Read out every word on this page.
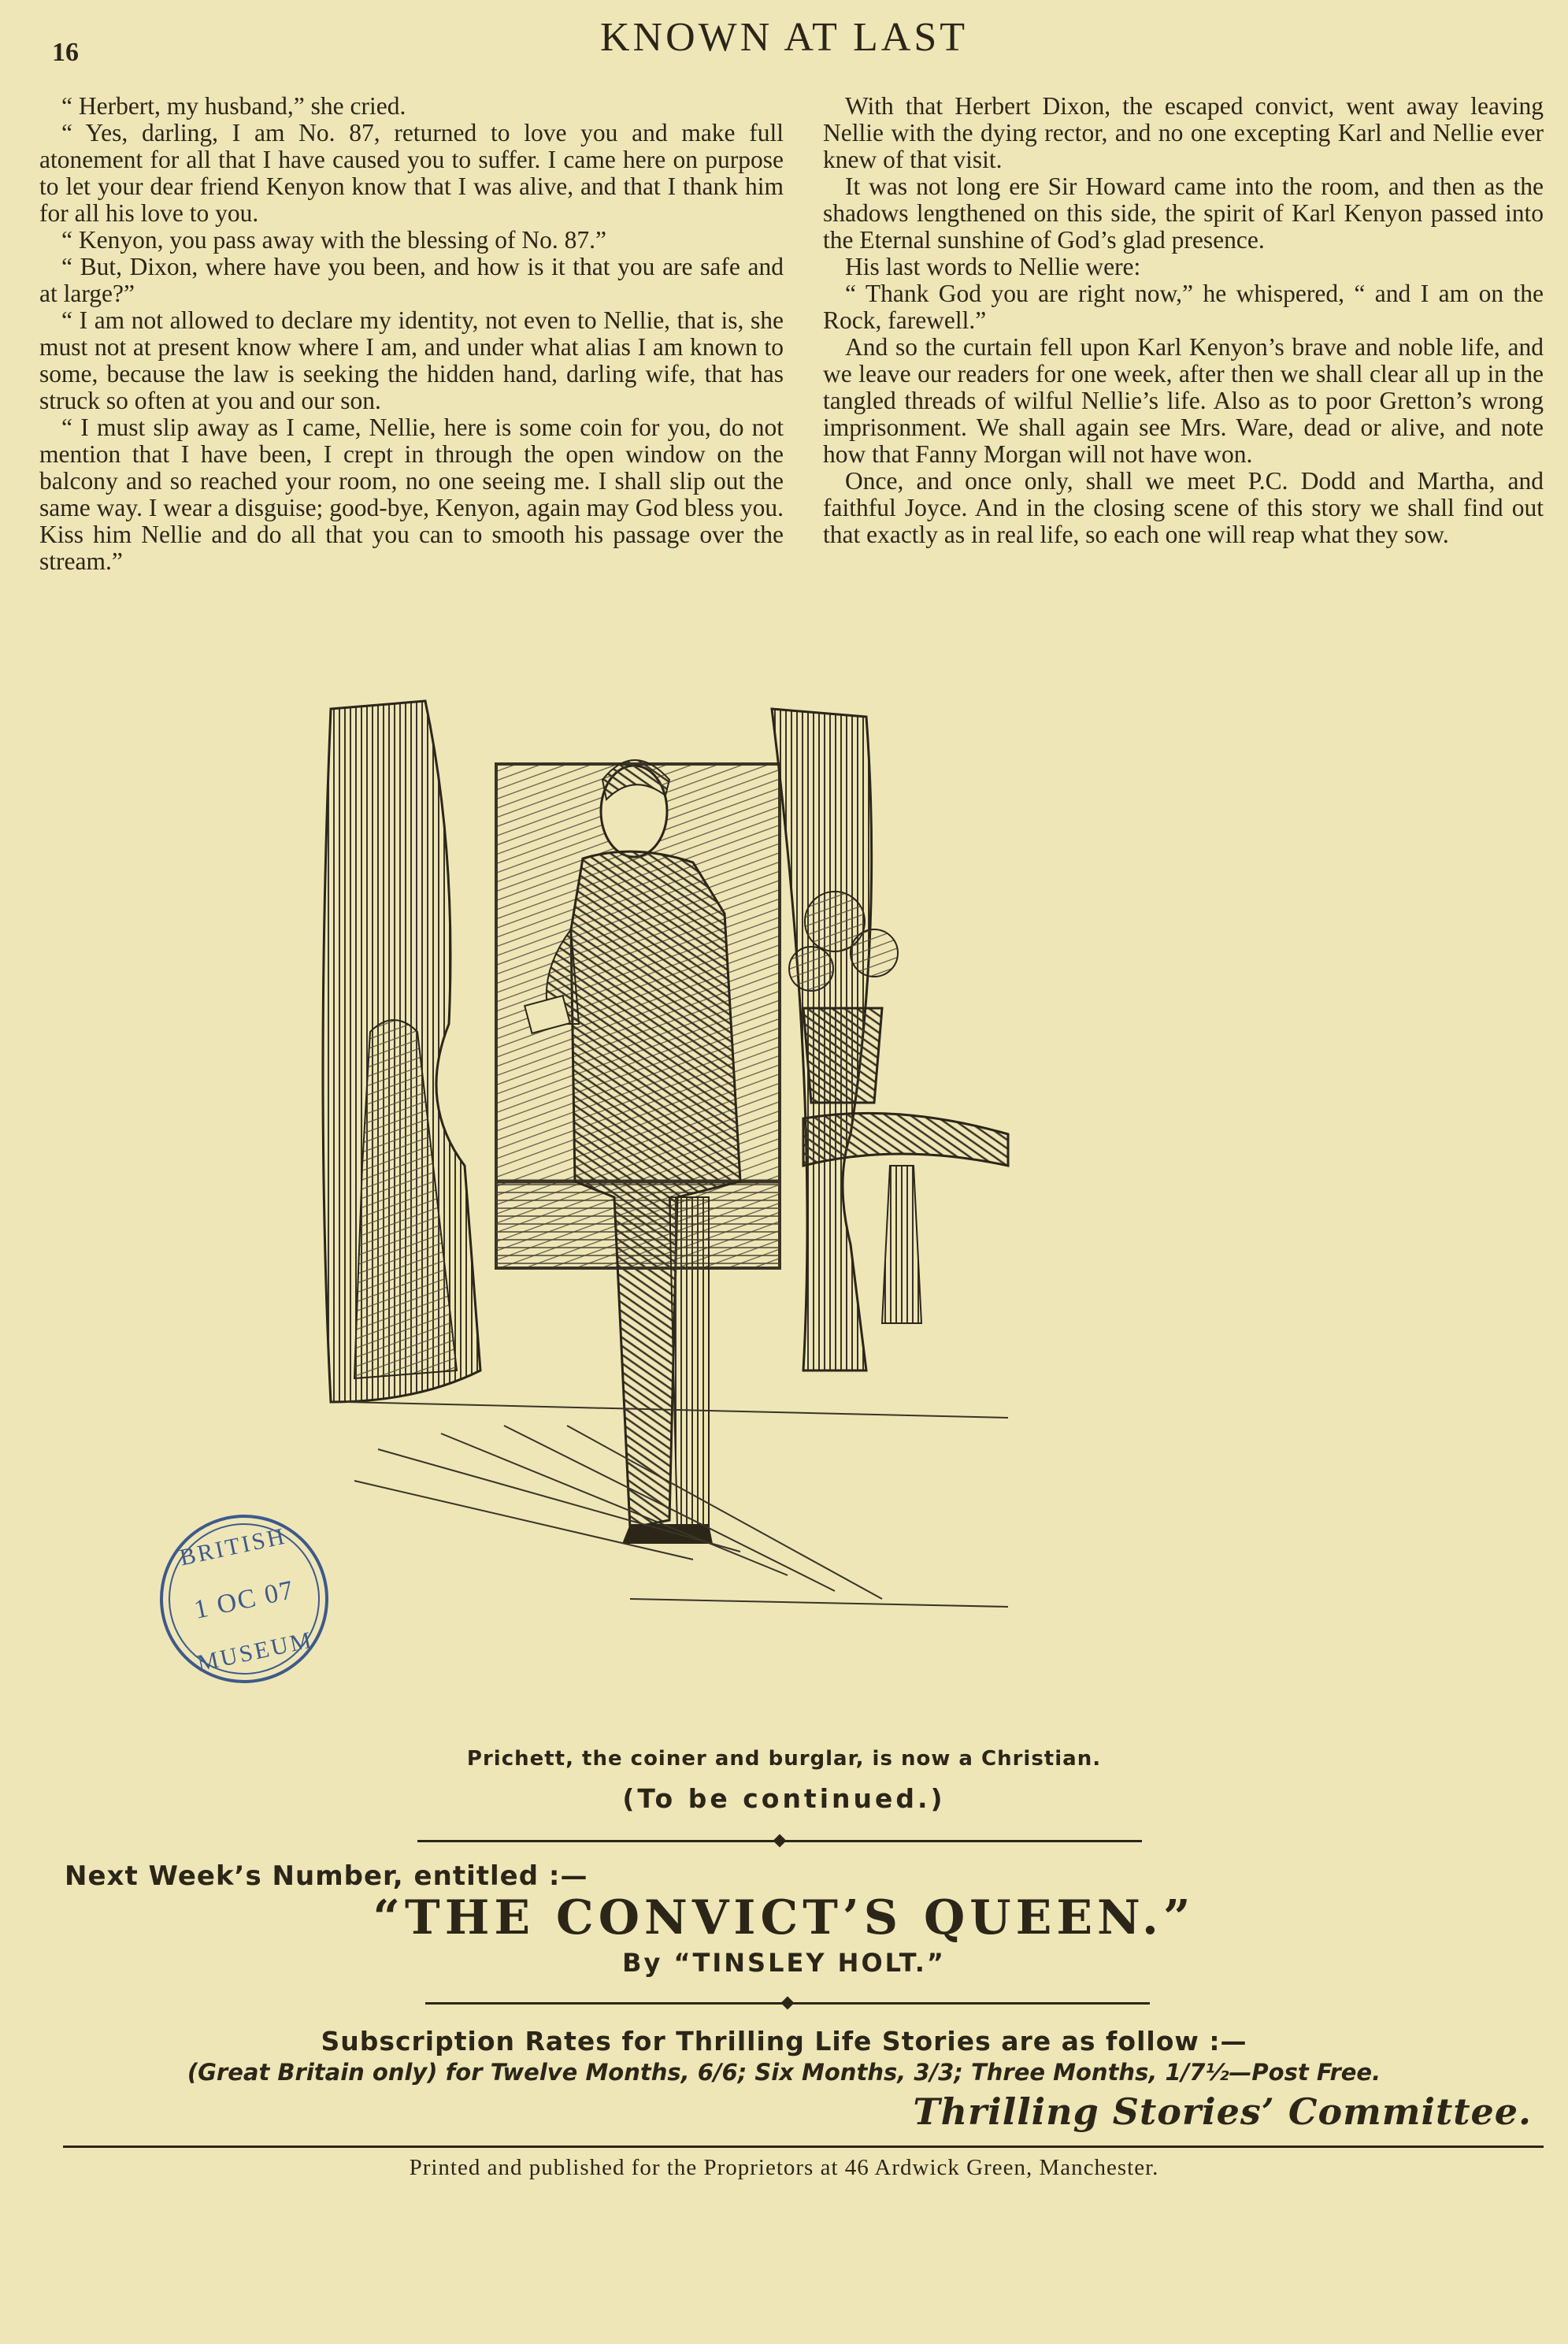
16	KNOWN AT LAST

“ Herbert, my husband,” she cried.

“ Yes, darling, I am No. 87, returned to love you and make full atonement for all that I have caused you to suffer. I came here on purpose to let your dear friend Kenyon know that I was alive, and that I thank him for all his love to you.

“ Kenyon, you pass away with the blessing of No. 87.”

“ But, Dixon, where have you been, and how is it that you are safe and at large?”

“ I am not allowed to declare my identity, not even to Nellie, that is, she must not at present know where I am, and under what alias I am known to some, because the law is seeking the hidden hand, darling wife, that has struck so often at you and our son.

“ I must slip away as I came, Nellie, here is some coin for you, do not mention that I have been, I crept in through the open window on the balcony and so reached your room, no one seeing me. I shall slip out the same way. I wear a disguise; good-bye, Kenyon, again may God bless you. Kiss him Nellie and do all that you can to smooth his passage over the stream.”

With that Herbert Dixon, the escaped convict, went away leaving Nellie with the dying rector, and no one excepting Karl and Nellie ever knew of that visit.

It was not long ere Sir Howard came into the room, and then as the shadows lengthened on this side, the spirit of Karl Kenyon passed into the Eternal sunshine of God’s glad presence.

His last words to Nellie were:

“ Thank God you are right now,” he whispered, “ and I am on the Rock, farewell.”

And so the curtain fell upon Karl Kenyon’s brave and noble life, and we leave our readers for one week, after then we shall clear all up in the tangled threads of wilful Nellie’s life. Also as to poor Gretton’s wrong imprisonment. We shall again see Mrs. Ware, dead or alive, and note how that Fanny Morgan will not have won.

Once, and once only, shall we meet P.C. Dodd and Martha, and faithful Joyce. And in the closing scene of this story we shall find out that exactly as in real life, so each one will reap what they sow.

BRITISH
1 OC 07
MUSEUM
Prichett, the coiner and burglar, is now a Christian.
(To be continued.)
Next Week’s Number, entitled :—
“THE CONVICT’S QUEEN.”
By “TINSLEY HOLT.”
Subscription Rates for Thrilling Life Stories are as follow :—
(Great Britain only) for Twelve Months, 6/6; Six Months, 3/3; Three Months, 1/7½—Post Free.
Thrilling Stories’ Committee.
Printed and published for the Proprietors at 46 Ardwick Green, Manchester.
